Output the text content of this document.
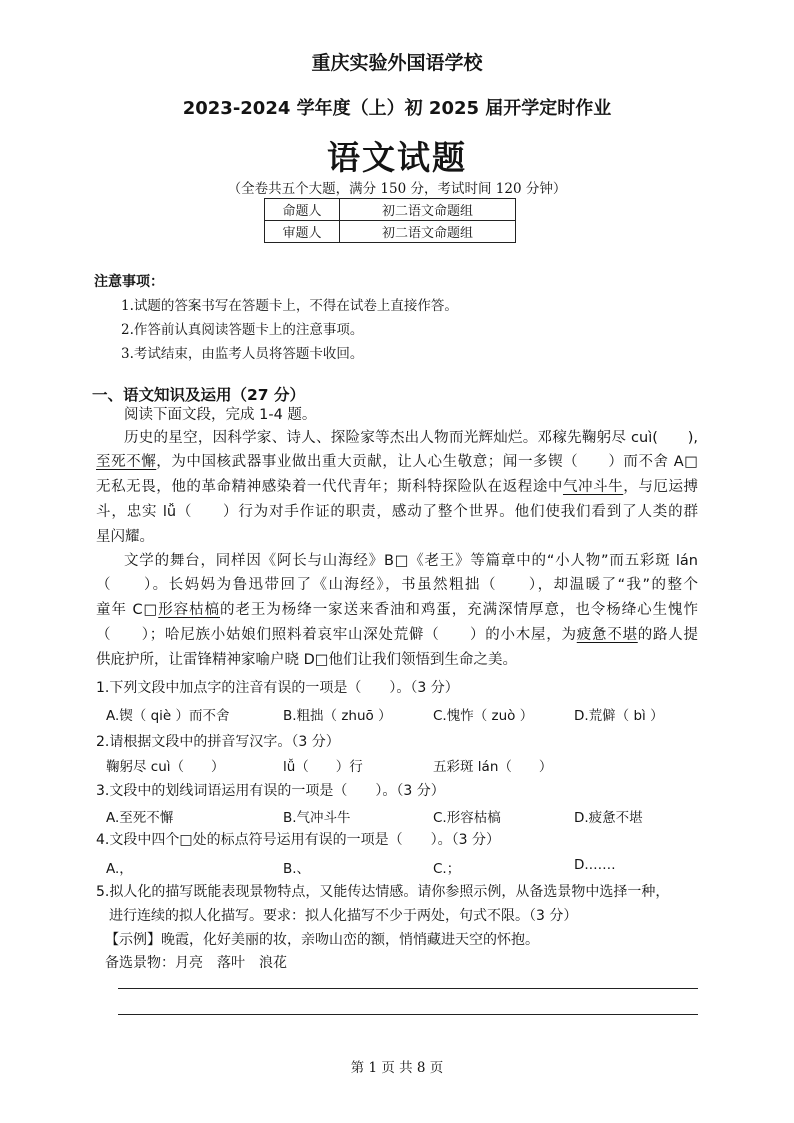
重庆实验外国语学校
2023-2024 学年度（上）初 2025 届开学定时作业
语文试题
（全卷共五个大题，满分 150 分，考试时间 120 分钟）
命题人	初二语文命题组
审题人	初二语文命题组
注意事项：
1.试题的答案书写在答题卡上，不得在试卷上直接作答。
2.作答前认真阅读答题卡上的注意事项。
3.考试结束，由监考人员将答题卡收回。
一、语文知识及运用（27 分）
阅读下面文段，完成 1-4 题。
历史的星空，因科学家、诗人、探险家等杰出人物而光辉灿烂。邓稼先鞠躬尽 cuì(　　),
至死不懈，为中国核武器事业做出重大贡献，让人心生敬意；闻一多锲（　　）而不舍 A□
无私无畏，他的革命精神感染着一代代青年；斯科特探险队在返程途中气冲斗牛，与厄运搏
斗，忠实 lǚ（　　）行为对手作证的职责，感动了整个世界。他们使我们看到了人类的群
星闪耀。
文学的舞台，同样因《阿长与山海经》B□《老王》等篇章中的“小人物”而五彩斑 lán
（　　）。长妈妈为鲁迅带回了《山海经》，书虽然粗拙（　　），却温暖了“我”的整个
童年 C□形容枯槁的老王为杨绛一家送来香油和鸡蛋，充满深情厚意，也令杨绛心生愧怍
（　　）；哈尼族小姑娘们照料着哀牢山深处荒僻（　　）的小木屋，为疲惫不堪的路人提
供庇护所，让雷锋精神家喻户晓 D□他们让我们领悟到生命之美。
1.下列文段中加点字的注音有误的一项是（　　）。（3 分）
A.锲（ qiè ）而不舍	B.粗拙（ zhuō ）	C.愧怍（ zuò ）	D.荒僻（ bì ）
2.请根据文段中的拼音写汉字。（3 分）
鞠躬尽 cuì（　　）	lǚ（　　）行	五彩斑 lán（　　）
3.文段中的划线词语运用有误的一项是（　　）。（3 分）
A.至死不懈	B.气冲斗牛	C.形容枯槁	D.疲惫不堪
4.文段中四个□处的标点符号运用有误的一项是（　　）。（3 分）
A.，	B.、	C.；	D.……
5.拟人化的描写既能表现景物特点，又能传达情感。请你参照示例，从备选景物中选择一种，
进行连续的拟人化描写。要求：拟人化描写不少于两处，句式不限。（3 分）
【示例】晚霞，化好美丽的妆，亲吻山峦的额，悄悄藏进天空的怀抱。
备选景物：月亮　落叶　浪花
第 1 页 共 8 页
